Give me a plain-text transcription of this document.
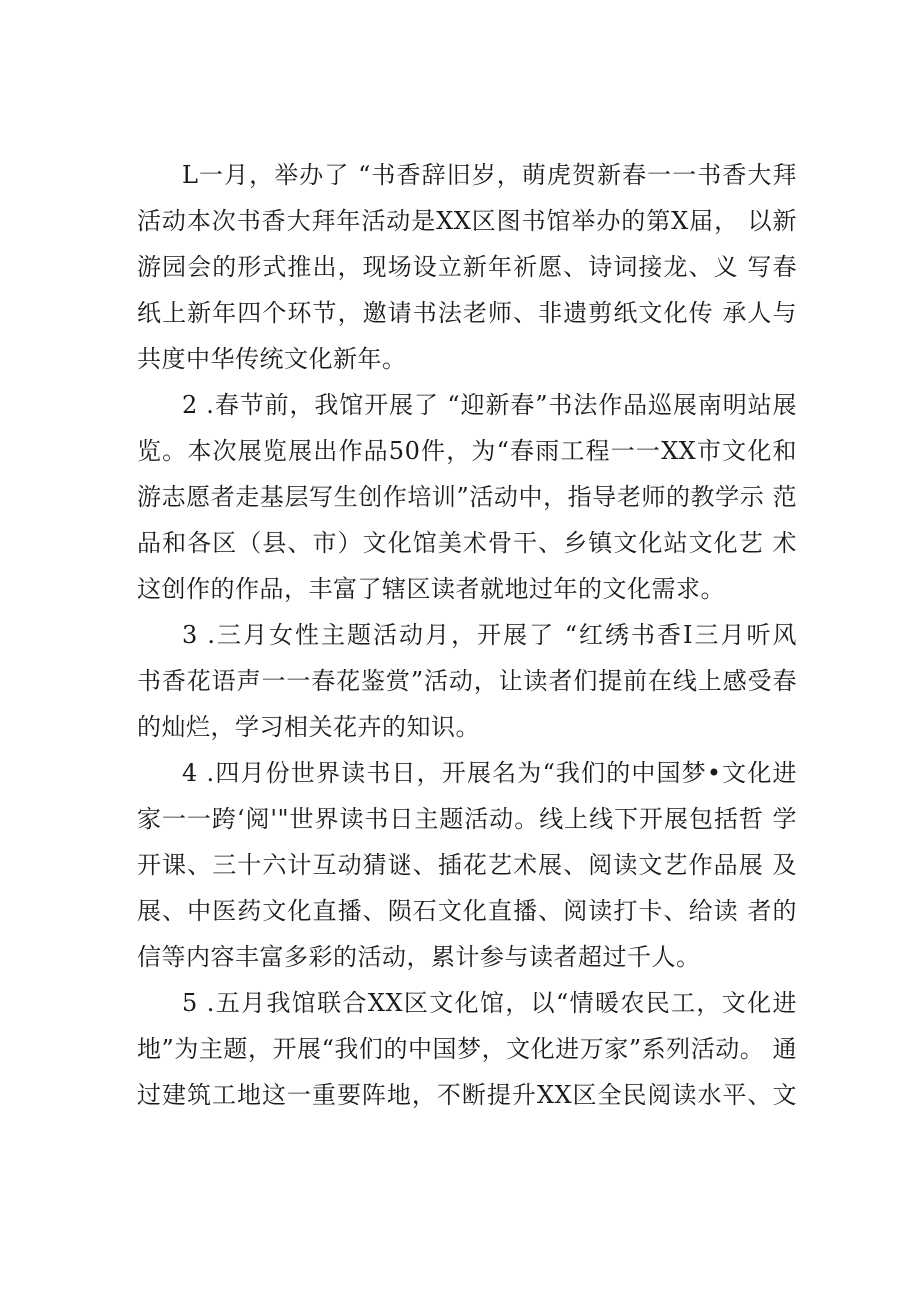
L一月，举办了 “书香辞旧岁，萌虎贺新春一一书香大拜
活动本次书香大拜年活动是XX区图书馆举办的第X届， 以新
游园会的形式推出，现场设立新年祈愿、诗词接龙、义 写春
纸上新年四个环节，邀请书法老师、非遗剪纸文化传 承人与
共度中华传统文化新年。
2 .春节前，我馆开展了 “迎新春”书法作品巡展南明站展
览。本次展览展出作品50件，为“春雨工程一一XX市文化和
游志愿者走基层写生创作培训”活动中，指导老师的教学示 范
品和各区（县、市）文化馆美术骨干、乡镇文化站文化艺 术
这创作的作品，丰富了辖区读者就地过年的文化需求。
3 .三月女性主题活动月，开展了 “红绣书香I三月听风
书香花语声一一春花鉴赏”活动，让读者们提前在线上感受春
的灿烂，学习相关花卉的知识。
4 .四月份世界读书日，开展名为“我们的中国梦•文化进
家一一跨‘阅'"世界读书日主题活动。线上线下开展包括哲 学
开课、三十六计互动猜谜、插花艺术展、阅读文艺作品展 及
展、中医药文化直播、陨石文化直播、阅读打卡、给读 者的
信等内容丰富多彩的活动，累计参与读者超过千人。
5 .五月我馆联合XX区文化馆，以“情暖农民工，文化进
地”为主题，开展“我们的中国梦，文化进万家”系列活动。 通
过建筑工地这一重要阵地，不断提升XX区全民阅读水平、文
